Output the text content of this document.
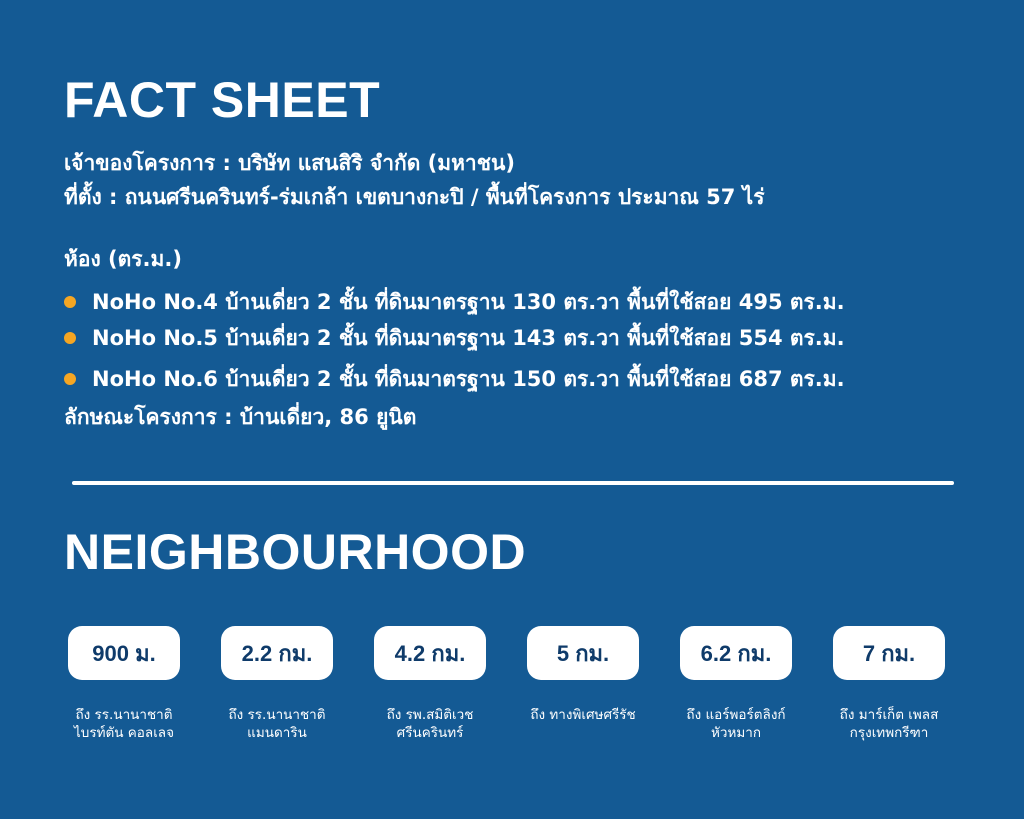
FACT SHEET
เจ้าของโครงการ : บริษัท แสนสิริ จำกัด (มหาชน)
ที่ตั้ง : ถนนศรีนครินทร์-ร่มเกล้า เขตบางกะปิ / พื้นที่โครงการ ประมาณ 57 ไร่
ห้อง (ตร.ม.)
NoHo No.4 บ้านเดี่ยว 2 ชั้น ที่ดินมาตรฐาน 130 ตร.วา พื้นที่ใช้สอย 495 ตร.ม.
NoHo No.5 บ้านเดี่ยว 2 ชั้น ที่ดินมาตรฐาน 143 ตร.วา พื้นที่ใช้สอย 554 ตร.ม.
NoHo No.6 บ้านเดี่ยว 2 ชั้น ที่ดินมาตรฐาน 150 ตร.วา พื้นที่ใช้สอย 687 ตร.ม.
ลักษณะโครงการ : บ้านเดี่ยว, 86 ยูนิต
NEIGHBOURHOOD
900 ม.
ถึง รร.นานาชาติ
ไบรท์ตัน คอลเลจ
2.2 กม.
ถึง รร.นานาชาติ
แมนดาริน
4.2 กม.
ถึง รพ.สมิติเวช
ศรีนครินทร์
5 กม.
ถึง ทางพิเศษศรีรัช
6.2 กม.
ถึง แอร์พอร์ตลิงก์
หัวหมาก
7 กม.
ถึง มาร์เก็ต เพลส
กรุงเทพกรีฑา
